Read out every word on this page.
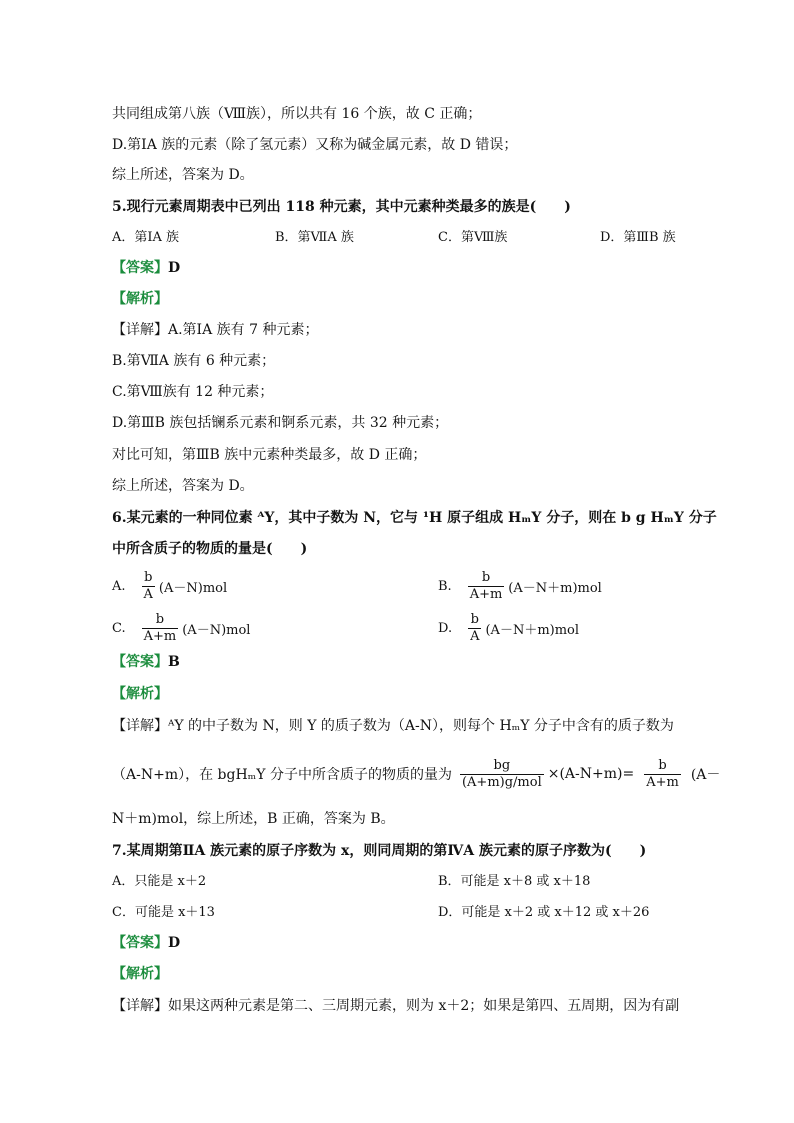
共同组成第八族（Ⅷ族），所以共有 16 个族，故 C 正确；
D.第ⅠA 族的元素（除了氢元素）又称为碱金属元素，故 D 错误；
综上所述，答案为 D。
5.现行元素周期表中已列出 118 种元素，其中元素种类最多的族是(　　)
A．第ⅠA 族	B．第ⅦA 族	C．第Ⅷ族	D．第ⅢB 族
【答案】D
【解析】
【详解】A.第ⅠA 族有 7 种元素；
B.第ⅦA 族有 6 种元素；
C.第Ⅷ族有 12 种元素；
D.第ⅢB 族包括镧系元素和锕系元素，共 32 种元素；
对比可知，第ⅢB 族中元素种类最多，故 D 正确；
综上所述，答案为 D。
6.某元素的一种同位素 ᴬY，其中子数为 N，它与 ¹H 原子组成 HₘY 分子，则在 b g HₘY 分子
中所含质子的物质的量是(　　)
A. $\frac{b}{A} (A-N)mol$	B. $\frac{b}{A+m} (A-N+m)mol$
C. $\frac{b}{A+m} (A-N)mol$	D. $\frac{b}{A} (A-N+m)mol$
【答案】B
【解析】
【详解】ᴬY 的中子数为 N，则 Y 的质子数为（A-N），则每个 HₘY 分子中含有的质子数为
（A-N+m），在 bgHₘY 分子中所含质子的物质的量为 $\frac{bg}{\text{(A+m)g/mol}} \times(A-N+m)= \frac{b}{A+m} (A-$
N＋m)mol，综上所述，B 正确，答案为 B。
7.某周期第ⅡA 族元素的原子序数为 x，则同周期的第ⅣA 族元素的原子序数为(　　)
A．只能是 x＋2	B．可能是 x＋8 或 x＋18
C．可能是 x＋13	D．可能是 x＋2 或 x＋12 或 x＋26
【答案】D
【解析】
【详解】如果这两种元素是第二、三周期元素，则为 x＋2；如果是第四、五周期，因为有副
